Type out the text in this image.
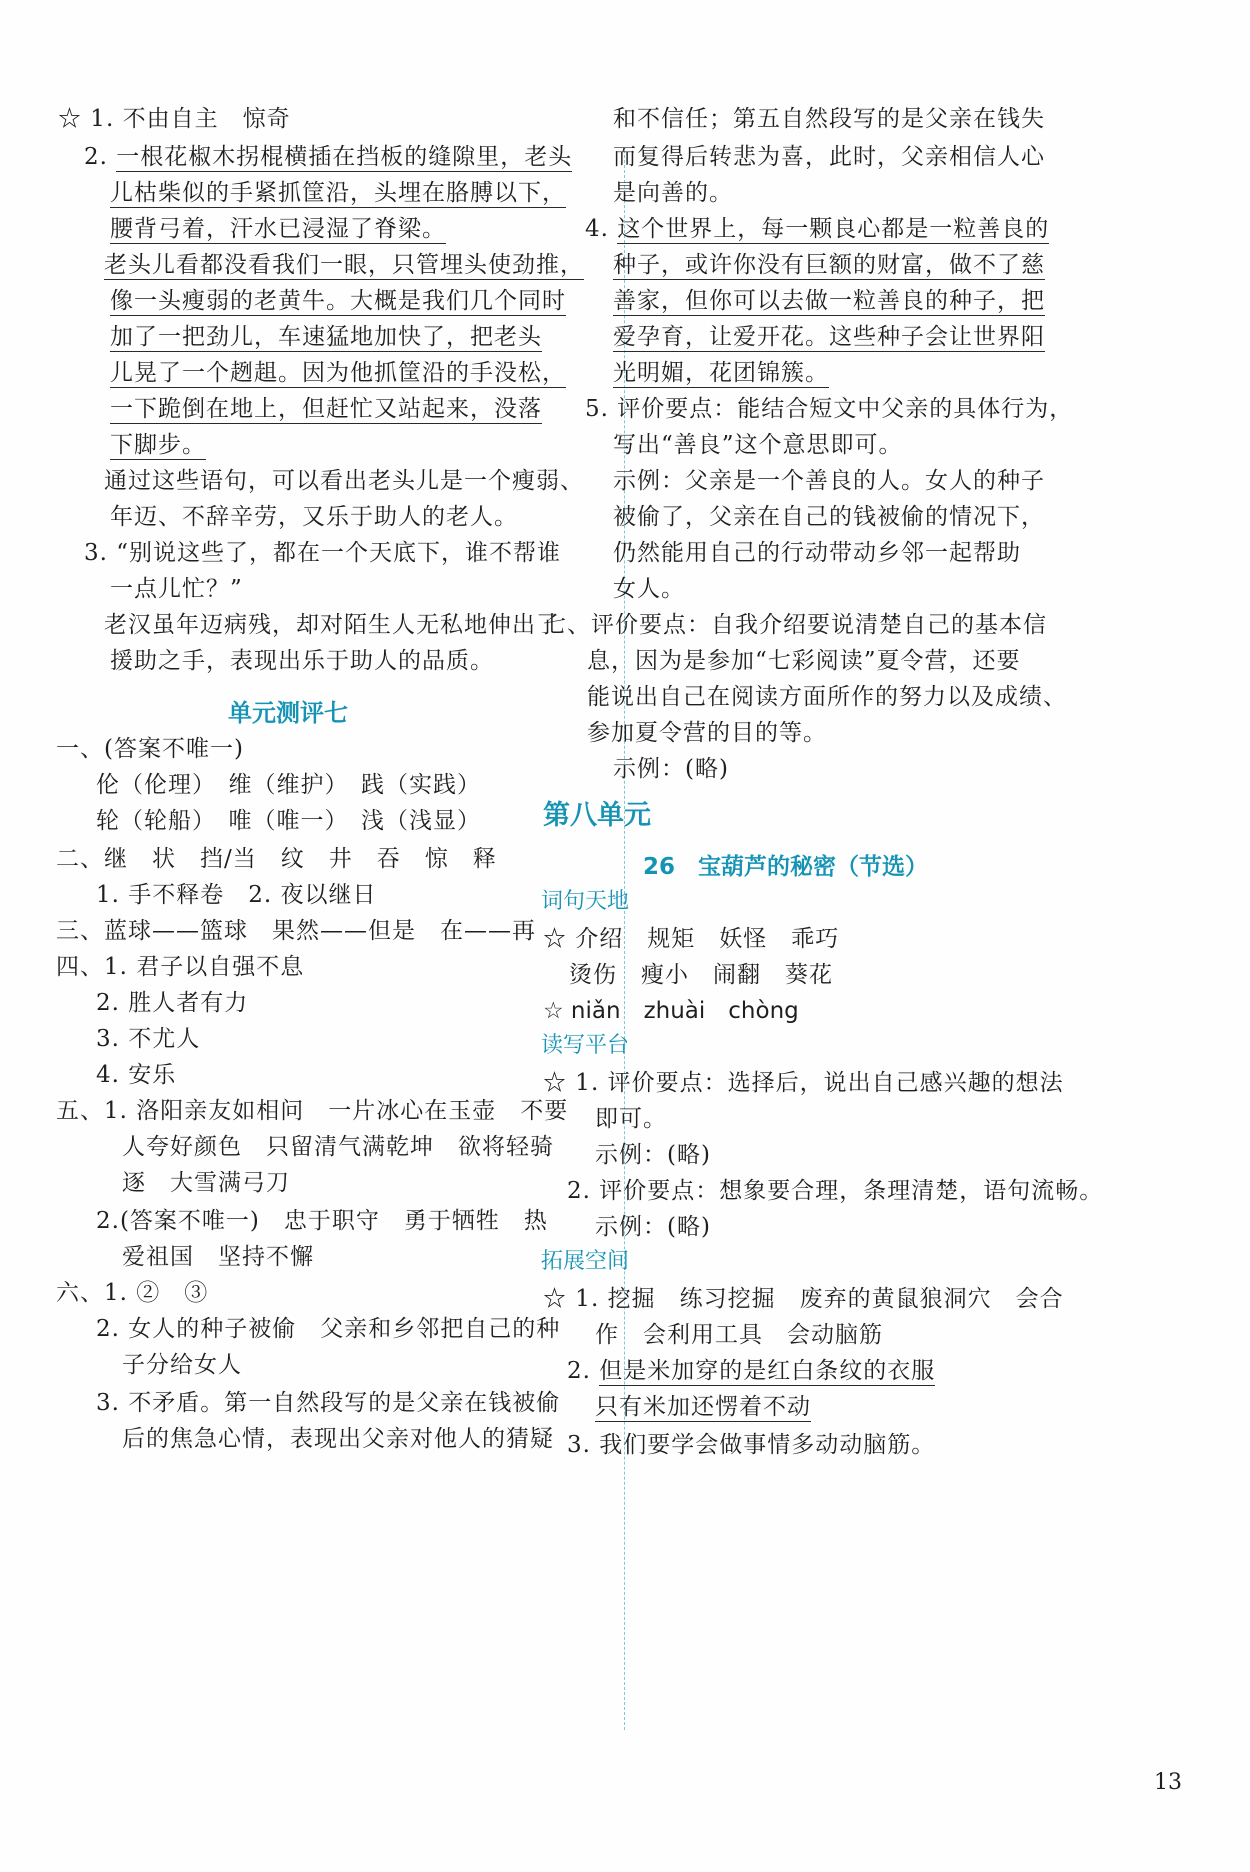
☆ 1. 不由自主　惊奇
2. 一根花椒木拐棍横插在挡板的缝隙里，老头
儿枯柴似的手紧抓筐沿，头埋在胳膊以下，
腰背弓着，汗水已浸湿了脊梁。
老头儿看都没看我们一眼，只管埋头使劲推，
像一头瘦弱的老黄牛。大概是我们几个同时
加了一把劲儿，车速猛地加快了，把老头
儿晃了一个趔趄。因为他抓筐沿的手没松，
一下跪倒在地上，但赶忙又站起来，没落
下脚步。
通过这些语句，可以看出老头儿是一个瘦弱、
年迈、不辞辛劳，又乐于助人的老人。
3. “别说这些了，都在一个天底下，谁不帮谁
一点儿忙？”
老汉虽年迈病残，却对陌生人无私地伸出了
援助之手，表现出乐于助人的品质。
单元测评七
一、(答案不唯一)
伦（伦理）　维（维护）　践（实践）
轮（轮船）　唯（唯一）　浅（浅显）
二、继　状　挡/当　纹　井　吞　惊　释
1. 手不释卷　2. 夜以继日
三、蓝球——篮球　果然——但是　在——再
四、1. 君子以自强不息
2. 胜人者有力
3. 不尤人
4. 安乐
五、1. 洛阳亲友如相问　一片冰心在玉壶　不要
人夸好颜色　只留清气满乾坤　欲将轻骑
逐　大雪满弓刀
2.(答案不唯一)　忠于职守　勇于牺牲　热
爱祖国　坚持不懈
六、1. ②　③
2. 女人的种子被偷　父亲和乡邻把自己的种
子分给女人
3. 不矛盾。第一自然段写的是父亲在钱被偷
后的焦急心情，表现出父亲对他人的猜疑
和不信任；第五自然段写的是父亲在钱失
而复得后转悲为喜，此时，父亲相信人心
是向善的。
4. 这个世界上，每一颗良心都是一粒善良的
种子，或许你没有巨额的财富，做不了慈
善家，但你可以去做一粒善良的种子，把
爱孕育，让爱开花。这些种子会让世界阳
光明媚，花团锦簇。
5. 评价要点：能结合短文中父亲的具体行为，
写出“善良”这个意思即可。
示例：父亲是一个善良的人。女人的种子
被偷了，父亲在自己的钱被偷的情况下，
仍然能用自己的行动带动乡邻一起帮助
女人。
七、评价要点：自我介绍要说清楚自己的基本信
息，因为是参加“七彩阅读”夏令营，还要
能说出自己在阅读方面所作的努力以及成绩、
参加夏令营的目的等。
示例：(略)
第八单元
26　宝葫芦的秘密（节选）
词句天地
☆ 介绍　规矩　妖怪　乖巧
烫伤　瘦小　闹翻　葵花
☆ niǎn　zhuài　chòng
读写平台
☆ 1. 评价要点：选择后，说出自己感兴趣的想法
即可。
示例：(略)
2. 评价要点：想象要合理，条理清楚，语句流畅。
示例：(略)
拓展空间
☆ 1. 挖掘　练习挖掘　废弃的黄鼠狼洞穴　会合
作　会利用工具　会动脑筋
2. 但是米加穿的是红白条纹的衣服
只有米加还愣着不动
3. 我们要学会做事情多动动脑筋。
13
